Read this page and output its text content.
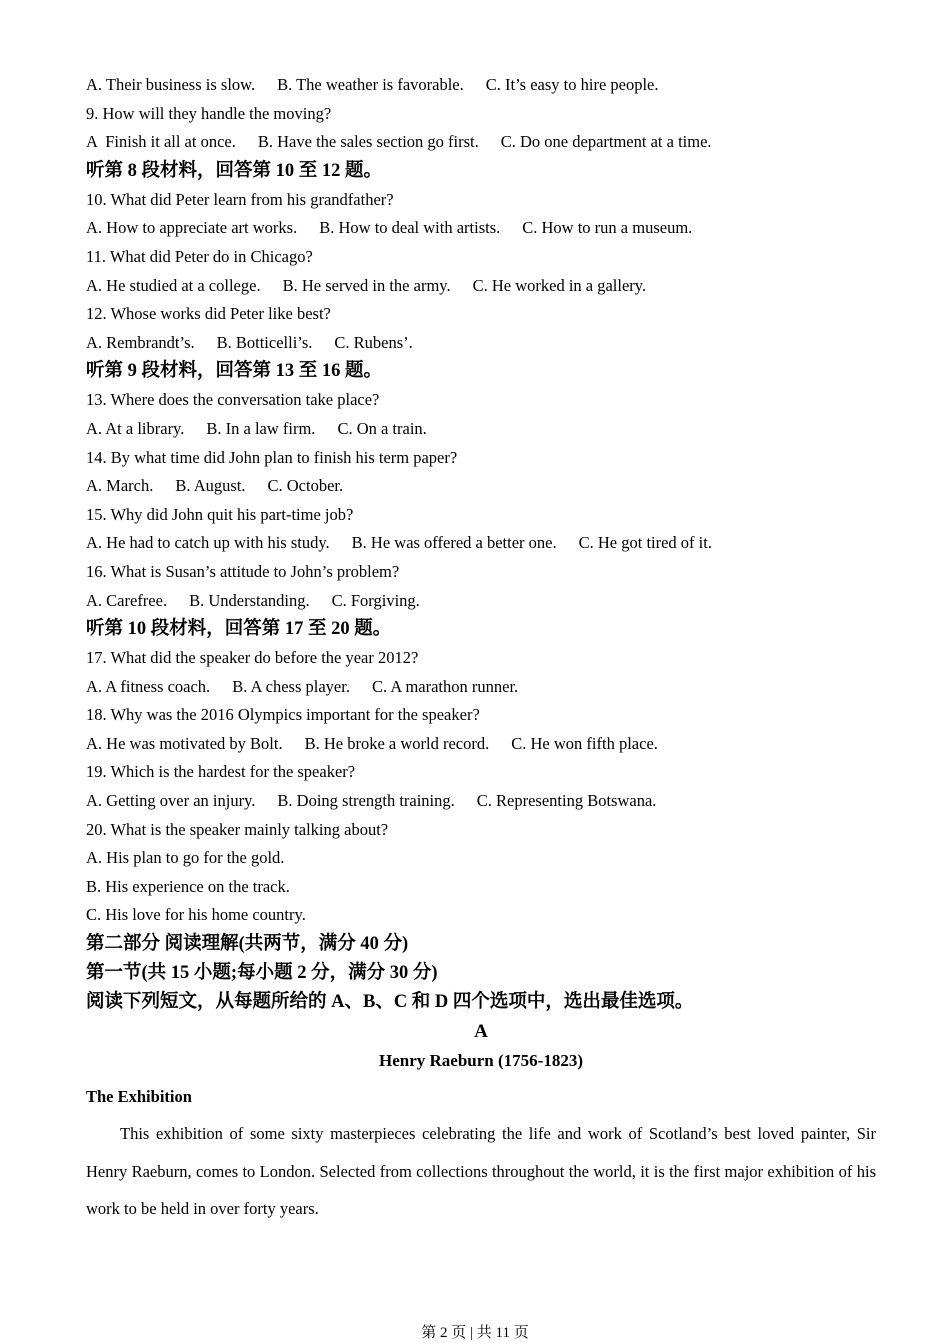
A. Their business is slow. B. The weather is favorable. C. It’s easy to hire people.
9. How will they handle the moving?
A  Finish it all at once. B. Have the sales section go first. C. Do one department at a time.
听第 8 段材料，回答第 10 至 12 题。
10. What did Peter learn from his grandfather?
A. How to appreciate art works. B. How to deal with artists. C. How to run a museum.
11. What did Peter do in Chicago?
A. He studied at a college. B. He served in the army. C. He worked in a gallery.
12. Whose works did Peter like best?
A. Rembrandt’s. B. Botticelli’s. C. Rubens’.
听第 9 段材料，回答第 13 至 16 题。
13. Where does the conversation take place?
A. At a library. B. In a law firm. C. On a train.
14. By what time did John plan to finish his term paper?
A. March. B. August. C. October.
15. Why did John quit his part-time job?
A. He had to catch up with his study. B. He was offered a better one. C. He got tired of it.
16. What is Susan’s attitude to John’s problem?
A. Carefree. B. Understanding. C. Forgiving.
听第 10 段材料，回答第 17 至 20 题。
17. What did the speaker do before the year 2012?
A. A fitness coach. B. A chess player. C. A marathon runner.
18. Why was the 2016 Olympics important for the speaker?
A. He was motivated by Bolt. B. He broke a world record. C. He won fifth place.
19. Which is the hardest for the speaker?
A. Getting over an injury. B. Doing strength training. C. Representing Botswana.
20. What is the speaker mainly talking about?
A. His plan to go for the gold.
B. His experience on the track.
C. His love for his home country.
第二部分 阅读理解(共两节，满分 40 分)
第一节(共 15 小题;每小题 2 分，满分 30 分)
阅读下列短文，从每题所给的 A、B、C 和 D 四个选项中，选出最佳选项。
A
Henry Raeburn (1756-1823)
The Exhibition
This exhibition of some sixty masterpieces celebrating the life and work of Scotland’s best loved painter, Sir Henry Raeburn, comes to London. Selected from collections throughout the world, it is the first major exhibition of his work to be held in over forty years.
第 2 页 | 共 11 页
